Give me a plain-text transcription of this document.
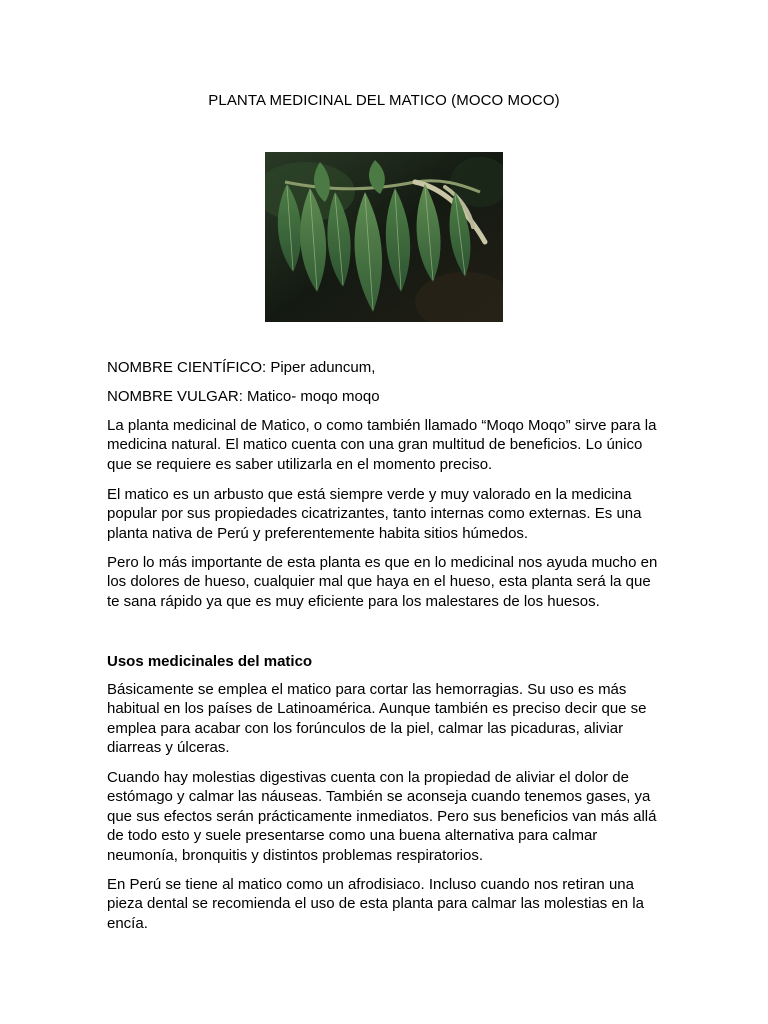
PLANTA MEDICINAL DEL MATICO (MOCO MOCO)

NOMBRE CIENTÍFICO: Piper aduncum,

NOMBRE VULGAR: Matico- moqo moqo

La planta medicinal de Matico, o como también llamado “Moqo Moqo” sirve para la medicina natural. El matico cuenta con una gran multitud de beneficios. Lo único que se requiere es saber utilizarla en el momento preciso.

El matico es un arbusto que está siempre verde y muy valorado en la medicina popular por sus propiedades cicatrizantes, tanto internas como externas. Es una planta nativa de Perú y preferentemente habita sitios húmedos.

Pero lo más importante de esta planta es que en lo medicinal nos ayuda mucho en los dolores de hueso, cualquier mal que haya en el hueso, esta planta será la que te sana rápido ya que es muy eficiente para los malestares de los huesos.

Usos medicinales del matico

Básicamente se emplea el matico para cortar las hemorragias. Su uso es más habitual en los países de Latinoamérica. Aunque también es preciso decir que se emplea para acabar con los forúnculos de la piel, calmar las picaduras, aliviar diarreas y úlceras.

Cuando hay molestias digestivas cuenta con la propiedad de aliviar el dolor de estómago y calmar las náuseas. También se aconseja cuando tenemos gases, ya que sus efectos serán prácticamente inmediatos. Pero sus beneficios van más allá de todo esto y suele presentarse como una buena alternativa para calmar neumonía, bronquitis y distintos problemas respiratorios.

En Perú se tiene al matico como un afrodisiaco. Incluso cuando nos retiran una pieza dental se recomienda el uso de esta planta para calmar las molestias en la encía.
